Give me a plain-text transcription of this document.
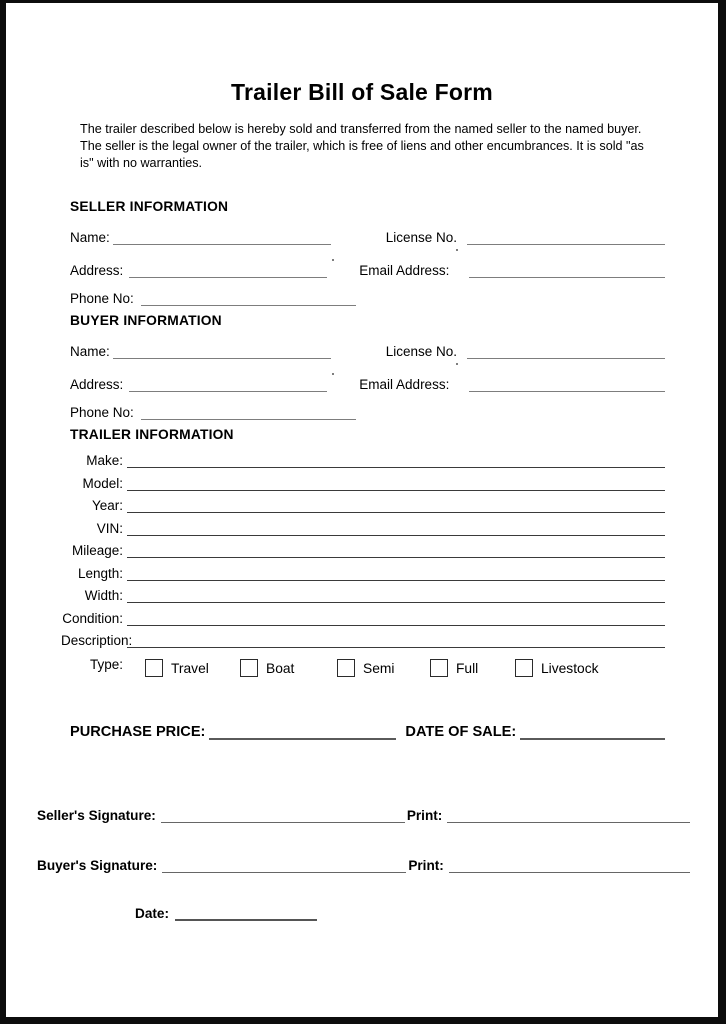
Trailer Bill of Sale Form
The trailer described below is hereby sold and transferred from the named seller to the named buyer. The seller is the legal owner of the trailer, which is free of liens and other encumbrances. It is sold "as is" with no warranties.
SELLER INFORMATION
Name:	License No.
Address:	Email Address:
Phone No:
BUYER INFORMATION
Name:	License No.
Address:	Email Address:
Phone No:
TRAILER INFORMATION
Make:
Model:
Year:
VIN:
Mileage:
Length:
Width:
Condition:
Description:
Type:	Travel	Boat	Semi	Full	Livestock
PURCHASE PRICE:	DATE OF SALE:
Seller's Signature:	Print:
Buyer's Signature:	Print:
Date:
